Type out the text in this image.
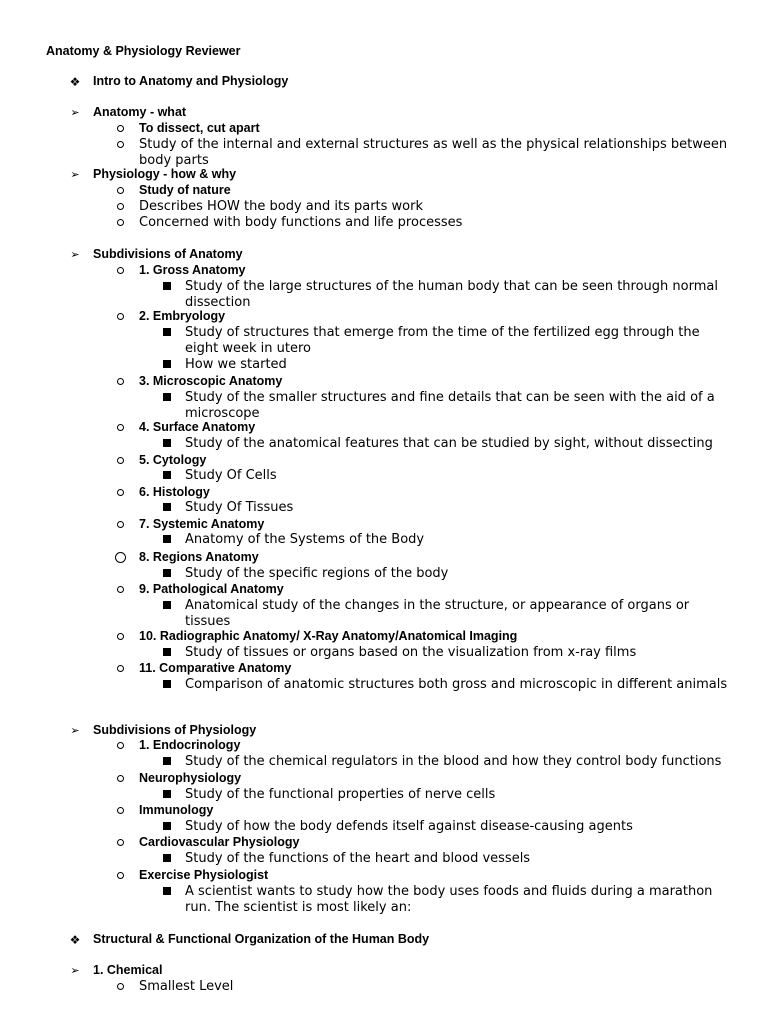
Anatomy & Physiology Reviewer
❖ Intro to Anatomy and Physiology
➢ Anatomy - what
To dissect, cut apart
Study of the internal and external structures as well as the physical relationships between body parts
➢ Physiology - how & why
Study of nature
Describes HOW the body and its parts work
Concerned with body functions and life processes
➢ Subdivisions of Anatomy
1. Gross Anatomy
Study of the large structures of the human body that can be seen through normal dissection
2. Embryology
Study of structures that emerge from the time of the fertilized egg through the eight week in utero
How we started
3. Microscopic Anatomy
Study of the smaller structures and fine details that can be seen with the aid of a microscope
4. Surface Anatomy
Study of the anatomical features that can be studied by sight, without dissecting
5. Cytology
Study Of Cells
6. Histology
Study Of Tissues
7. Systemic Anatomy
Anatomy of the Systems of the Body
8. Regions Anatomy
Study of the specific regions of the body
9. Pathological Anatomy
Anatomical study of the changes in the structure, or appearance of organs or tissues
10. Radiographic Anatomy/ X-Ray Anatomy/Anatomical Imaging
Study of tissues or organs based on the visualization from x-ray films
11. Comparative Anatomy
Comparison of anatomic structures both gross and microscopic in different animals
➢ Subdivisions of Physiology
1. Endocrinology
Study of the chemical regulators in the blood and how they control body functions
Neurophysiology
Study of the functional properties of nerve cells
Immunology
Study of how the body defends itself against disease-causing agents
Cardiovascular Physiology
Study of the functions of the heart and blood vessels
Exercise Physiologist
A scientist wants to study how the body uses foods and fluids during a marathon run. The scientist is most likely an:
❖ Structural & Functional Organization of the Human Body
➢ 1. Chemical
Smallest Level
